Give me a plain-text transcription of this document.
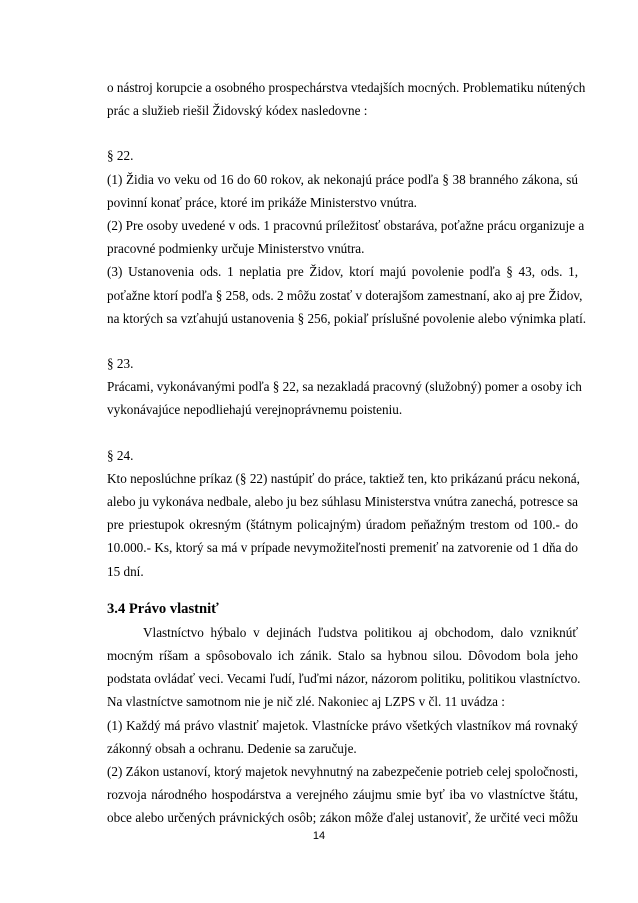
o nástroj korupcie a osobného prospechárstva vtedajších mocných. Problematiku nútených
prác a služieb riešil Židovský kódex nasledovne :

§ 22.

(1) Židia vo veku od 16 do 60 rokov, ak nekonajú práce podľa § 38 branného zákona, sú
povinní konať práce, ktoré im prikáže Ministerstvo vnútra.

(2) Pre osoby uvedené v ods. 1 pracovnú príležitosť obstaráva, poťažne prácu organizuje a
pracovné podmienky určuje Ministerstvo vnútra.

(3) Ustanovenia ods. 1 neplatia pre Židov, ktorí majú povolenie podľa § 43, ods. 1,
poťažne ktorí podľa § 258, ods. 2 môžu zostať v doterajšom zamestnaní, ako aj pre Židov,
na ktorých sa vzťahujú ustanovenia § 256, pokiaľ príslušné povolenie alebo výnimka platí.

§ 23.

Prácami, vykonávanými podľa § 22, sa nezakladá pracovný (služobný) pomer a osoby ich
vykonávajúce nepodliehajú verejnoprávnemu poisteniu.

§ 24.

Kto neposlúchne príkaz (§ 22) nastúpiť do práce, taktiež ten, kto prikázanú prácu nekoná,
alebo ju vykonáva nedbale, alebo ju bez súhlasu Ministerstva vnútra zanechá, potresce sa
pre priestupok okresným (štátnym policajným) úradom peňažným trestom od 100.- do
10.000.- Ks, ktorý sa má v prípade nevymožiteľnosti premeniť na zatvorenie od 1 dňa do
15 dní.

3.4 Právo vlastniť

Vlastníctvo hýbalo v dejinách ľudstva politikou aj obchodom, dalo vzniknúť
mocným ríšam a spôsobovalo ich zánik. Stalo sa hybnou silou. Dôvodom bola jeho
podstata ovládať veci. Vecami ľudí, ľuďmi názor, názorom politiku, politikou vlastníctvo.
Na vlastníctve samotnom nie je nič zlé. Nakoniec aj LZPS v čl. 11 uvádza :

(1) Každý má právo vlastniť majetok. Vlastnícke právo všetkých vlastníkov má rovnaký
zákonný obsah a ochranu. Dedenie sa zaručuje.

(2) Zákon ustanoví, ktorý majetok nevyhnutný na zabezpečenie potrieb celej spoločnosti,
rozvoja národného hospodárstva a verejného záujmu smie byť iba vo vlastníctve štátu,
obce alebo určených právnických osôb; zákon môže ďalej ustanoviť, že určité veci môžu

14
